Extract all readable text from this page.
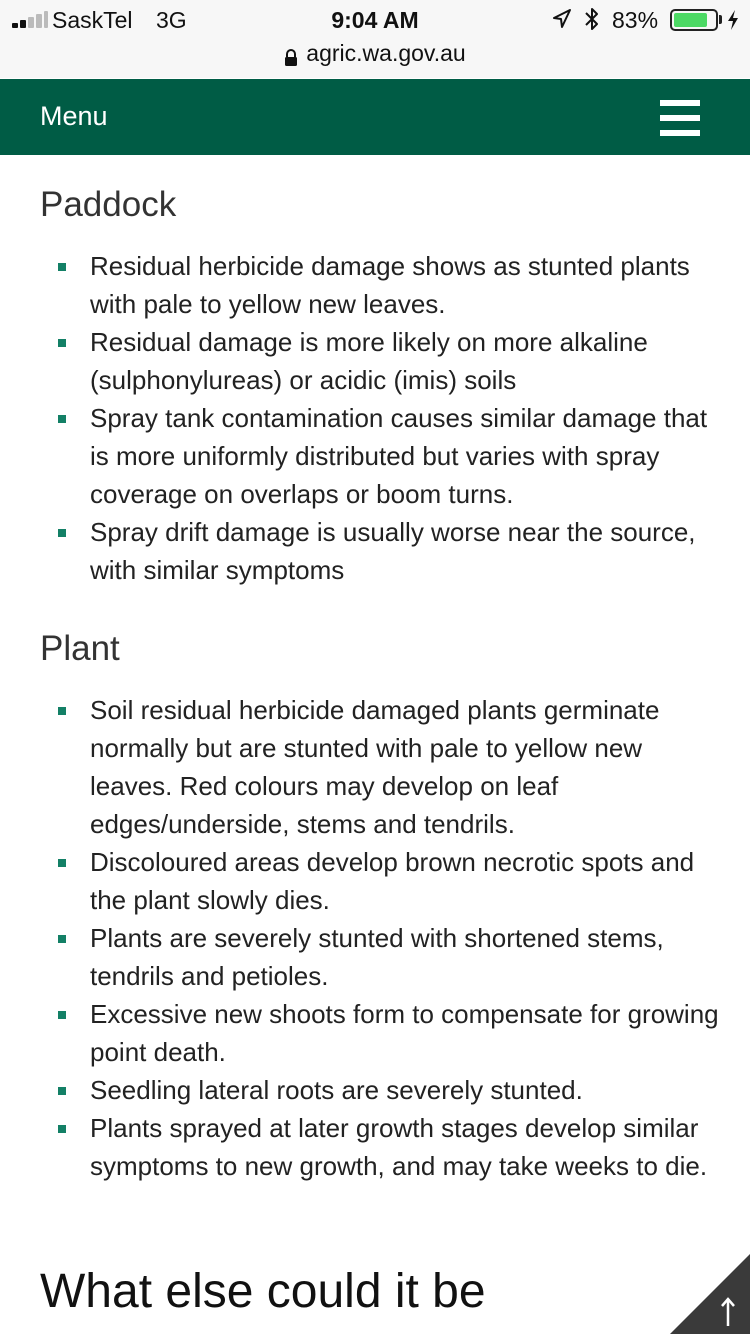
SaskTel 3G	9:04 AM	83%
agric.wa.gov.au
Menu
Paddock
Residual herbicide damage shows as stunted plants with pale to yellow new leaves.
Residual damage is more likely on more alkaline (sulphonylureas) or acidic (imis) soils
Spray tank contamination causes similar damage that is more uniformly distributed but varies with spray coverage on overlaps or boom turns.
Spray drift damage is usually worse near the source, with similar symptoms
Plant
Soil residual herbicide damaged plants germinate normally but are stunted with pale to yellow new leaves. Red colours may develop on leaf edges/underside, stems and tendrils.
Discoloured areas develop brown necrotic spots and the plant slowly dies.
Plants are severely stunted with shortened stems, tendrils and petioles.
Excessive new shoots form to compensate for growing point death.
Seedling lateral roots are severely stunted.
Plants sprayed at later growth stages develop similar symptoms to new growth, and may take weeks to die.
What else could it be
